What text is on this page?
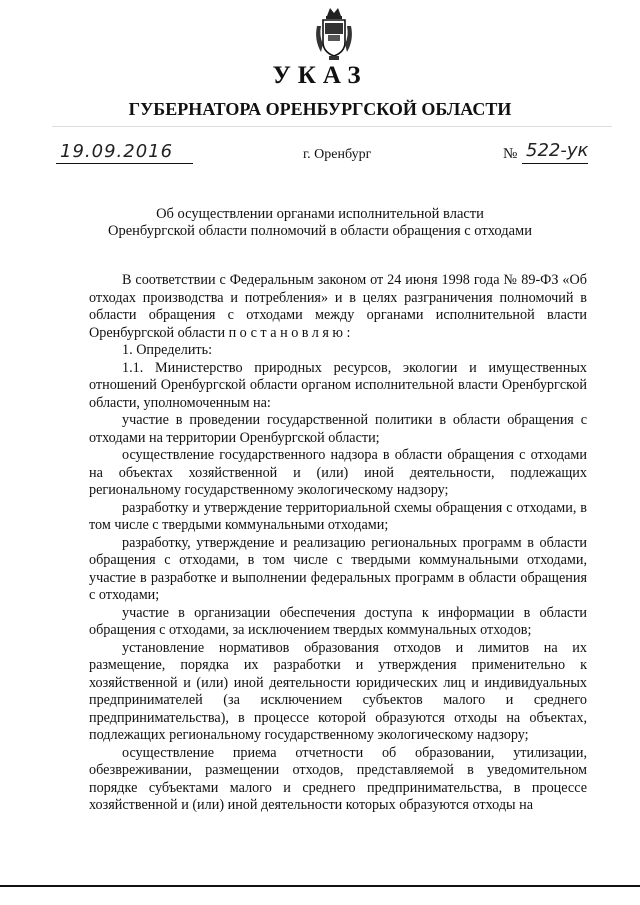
УКАЗ
ГУБЕРНАТОРА ОРЕНБУРГСКОЙ ОБЛАСТИ
19.09.2016	г. Оренбург	№ 522-ук
Об осуществлении органами исполнительной власти
Оренбургской области полномочий в области обращения с отходами

В соответствии с Федеральным законом от 24 июня 1998 года № 89-ФЗ «Об отходах производства и потребления» и в целях разграничения полномочий в области обращения с отходами между органами исполнительной власти Оренбургской области постановляю:

1. Определить:

1.1. Министерство природных ресурсов, экологии и имущественных отношений Оренбургской области органом исполнительной власти Оренбургской области, уполномоченным на:

участие в проведении государственной политики в области обращения с отходами на территории Оренбургской области;

осуществление государственного надзора в области обращения с отходами на объектах хозяйственной и (или) иной деятельности, подлежащих региональному государственному экологическому надзору;

разработку и утверждение территориальной схемы обращения с отходами, в том числе с твердыми коммунальными отходами;

разработку, утверждение и реализацию региональных программ в области обращения с отходами, в том числе с твердыми коммунальными отходами, участие в разработке и выполнении федеральных программ в области обращения с отходами;

участие в организации обеспечения доступа к информации в области обращения с отходами, за исключением твердых коммунальных отходов;

установление нормативов образования отходов и лимитов на их размещение, порядка их разработки и утверждения применительно к хозяйственной и (или) иной деятельности юридических лиц и индивидуальных предпринимателей (за исключением субъектов малого и среднего предпринимательства), в процессе которой образуются отходы на объектах, подлежащих региональному государственному экологическому надзору;

осуществление приема отчетности об образовании, утилизации, обезвреживании, размещении отходов, представляемой в уведомительном порядке субъектами малого и среднего предпринимательства, в процессе хозяйственной и (или) иной деятельности которых образуются отходы на
